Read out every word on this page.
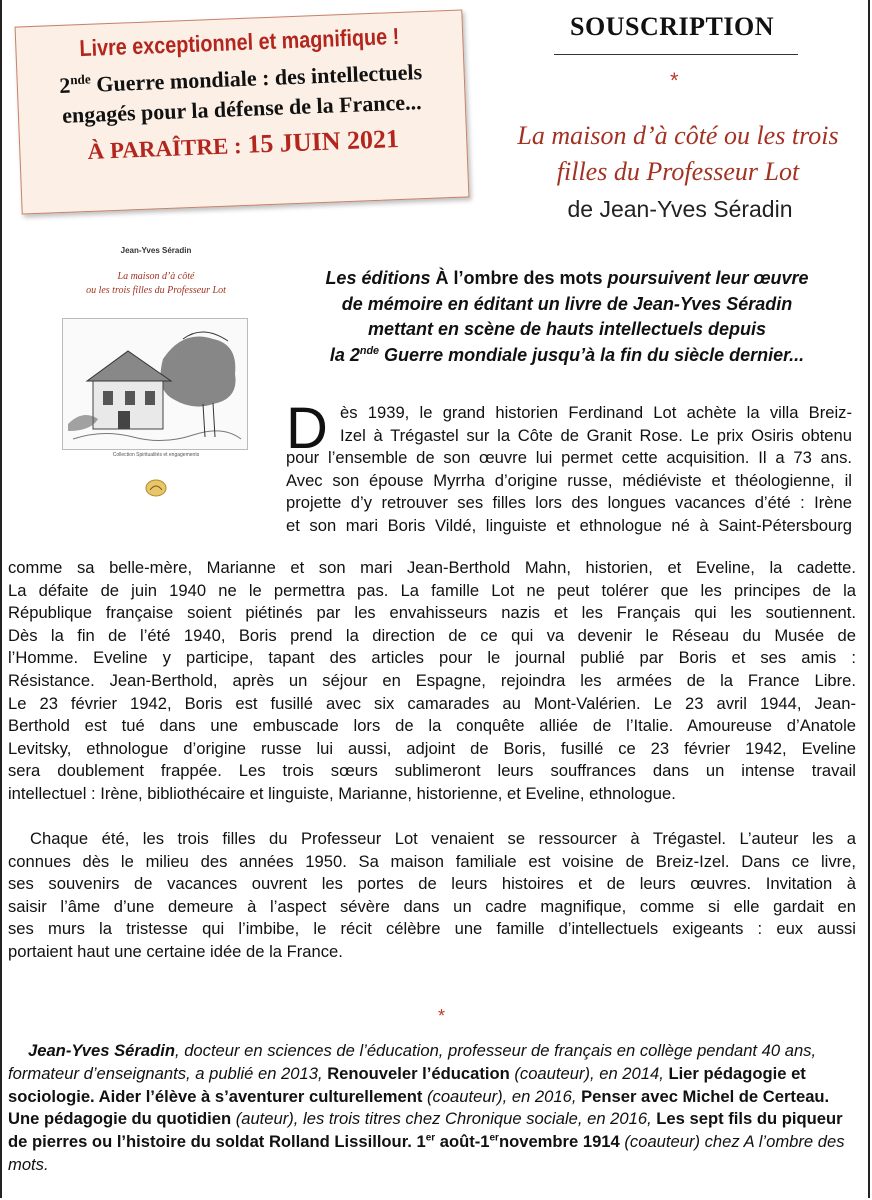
Livre exceptionnel et magnifique !
2nde Guerre mondiale : des intellectuels
engagés pour la défense de la France...
À PARAÎTRE : 15 JUIN 2021
SOUSCRIPTION
*
La maison d’à côté ou les trois
filles du Professeur Lot
de Jean-Yves Séradin
Jean-Yves Séradin
La maison d’à côté
ou les trois filles du Professeur Lot
Collection Spiritualités et engagements
Les éditions À l’ombre des mots poursuivent leur œuvre
de mémoire en éditant un livre de Jean-Yves Séradin
mettant en scène de hauts intellectuels depuis
la 2nde Guerre mondiale jusqu’à la fin du siècle dernier...
D ès 1939, le grand historien Ferdinand Lot achète la villa Breiz-
Izel à Trégastel sur la Côte de Granit Rose. Le prix Osiris obtenu
pour l’ensemble de son œuvre lui permet cette acquisition. Il a 73 ans.
Avec son épouse Myrrha d’origine russe, médiéviste et théologienne, il
projette d’y retrouver ses filles lors des longues vacances d’été : Irène
et son mari Boris Vildé, linguiste et ethnologue né à Saint-Pétersbourg
comme sa belle-mère, Marianne et son mari Jean-Berthold Mahn, historien, et Eveline, la cadette.
La défaite de juin 1940 ne le permettra pas. La famille Lot ne peut tolérer que les principes de la
République française soient piétinés par les envahisseurs nazis et les Français qui les soutiennent.
Dès la fin de l’été 1940, Boris prend la direction de ce qui va devenir le Réseau du Musée de
l’Homme. Eveline y participe, tapant des articles pour le journal publié par Boris et ses amis :
Résistance. Jean-Berthold, après un séjour en Espagne, rejoindra les armées de la France Libre.
Le 23 février 1942, Boris est fusillé avec six camarades au Mont-Valérien. Le 23 avril 1944, Jean-
Berthold est tué dans une embuscade lors de la conquête alliée de l’Italie. Amoureuse d’Anatole
Levitsky, ethnologue d’origine russe lui aussi, adjoint de Boris, fusillé ce 23 février 1942, Eveline
sera doublement frappée. Les trois sœurs sublimeront leurs souffrances dans un intense travail
intellectuel : Irène, bibliothécaire et linguiste, Marianne, historienne, et Eveline, ethnologue.
Chaque été, les trois filles du Professeur Lot venaient se ressourcer à Trégastel. L’auteur les a
connues dès le milieu des années 1950. Sa maison familiale est voisine de Breiz-Izel. Dans ce livre,
ses souvenirs de vacances ouvrent les portes de leurs histoires et de leurs œuvres. Invitation à
saisir l’âme d’une demeure à l’aspect sévère dans un cadre magnifique, comme si elle gardait en
ses murs la tristesse qui l’imbibe, le récit célèbre une famille d’intellectuels exigeants : eux aussi
portaient haut une certaine idée de la France.
*
Jean-Yves Séradin, docteur en sciences de l’éducation, professeur de français en collège pendant 40 ans, formateur d’enseignants, a publié en 2013, Renouveler l’éducation (coauteur), en 2014, Lier pédagogie et sociologie. Aider l’élève à s’aventurer culturellement (coauteur), en 2016, Penser avec Michel de Certeau. Une pédagogie du quotidien (auteur), les trois titres chez Chronique sociale, en 2016, Les sept fils du piqueur de pierres ou l’histoire du soldat Rolland Lissillour. 1er août-1ernovembre 1914 (coauteur) chez A l’ombre des mots.
